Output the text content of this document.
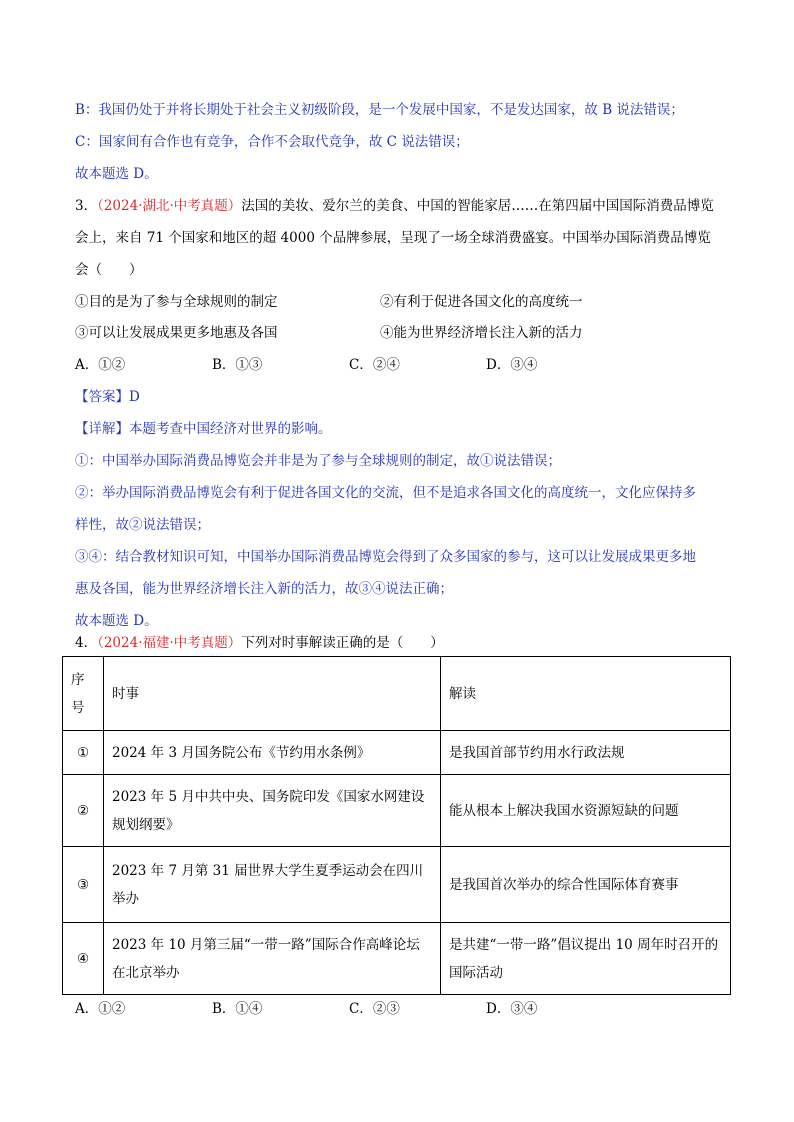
B：我国仍处于并将长期处于社会主义初级阶段，是一个发展中国家，不是发达国家，故 B 说法错误；
C：国家间有合作也有竞争，合作不会取代竞争，故 C 说法错误；
故本题选 D。
3．（2024·湖北·中考真题）法国的美妆、爱尔兰的美食、中国的智能家居……在第四届中国国际消费品博览
会上，来自 71 个国家和地区的超 4000 个品牌参展，呈现了一场全球消费盛宴。中国举办国际消费品博览
会（　　）
①目的是为了参与全球规则的制定	②有利于促进各国文化的高度统一
③可以让发展成果更多地惠及各国	④能为世界经济增长注入新的活力
A．①②	B．①③	C．②④	D．③④
【答案】D
【详解】本题考查中国经济对世界的影响。
①：中国举办国际消费品博览会并非是为了参与全球规则的制定，故①说法错误；
②：举办国际消费品博览会有利于促进各国文化的交流，但不是追求各国文化的高度统一，文化应保持多
样性，故②说法错误；
③④：结合教材知识可知，中国举办国际消费品博览会得到了众多国家的参与，这可以让发展成果更多地
惠及各国，能为世界经济增长注入新的活力，故③④说法正确；
故本题选 D。
4．（2024·福建·中考真题）下列对时事解读正确的是（　　）
序号	时事	解读
①	2024 年 3 月国务院公布《节约用水条例》	是我国首部节约用水行政法规
②	2023 年 5 月中共中央、国务院印发《国家水网建设规划纲要》	能从根本上解决我国水资源短缺的问题
③	2023 年 7 月第 31 届世界大学生夏季运动会在四川举办	是我国首次举办的综合性国际体育赛事
④	2023 年 10 月第三届“一带一路”国际合作高峰论坛在北京举办	是共建“一带一路”倡议提出 10 周年时召开的国际活动
A．①②	B．①④	C．②③	D．③④
